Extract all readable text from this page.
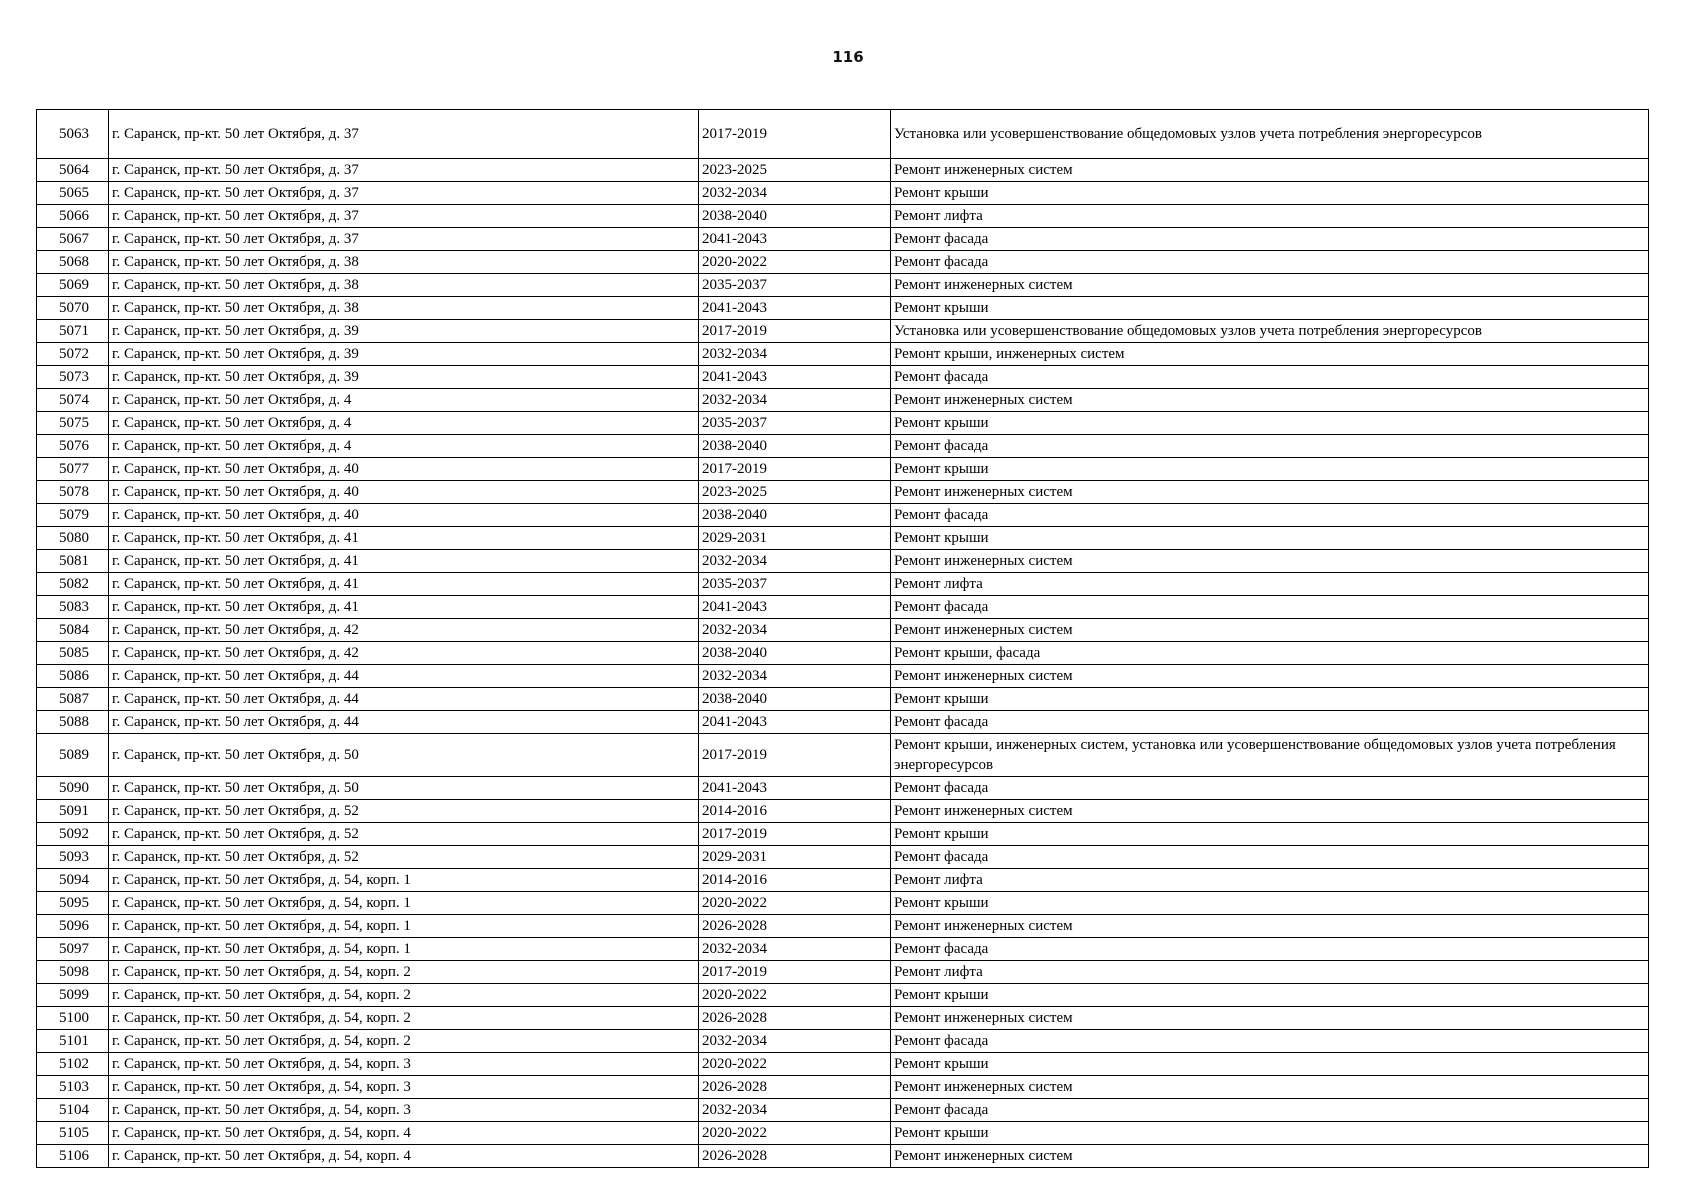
116
5063	г. Саранск, пр-кт. 50 лет Октября, д. 37	2017-2019	Установка или усовершенствование общедомовых узлов учета потребления энергоресурсов
5064	г. Саранск, пр-кт. 50 лет Октября, д. 37	2023-2025	Ремонт инженерных систем
5065	г. Саранск, пр-кт. 50 лет Октября, д. 37	2032-2034	Ремонт крыши
5066	г. Саранск, пр-кт. 50 лет Октября, д. 37	2038-2040	Ремонт лифта
5067	г. Саранск, пр-кт. 50 лет Октября, д. 37	2041-2043	Ремонт фасада
5068	г. Саранск, пр-кт. 50 лет Октября, д. 38	2020-2022	Ремонт фасада
5069	г. Саранск, пр-кт. 50 лет Октября, д. 38	2035-2037	Ремонт инженерных систем
5070	г. Саранск, пр-кт. 50 лет Октября, д. 38	2041-2043	Ремонт крыши
5071	г. Саранск, пр-кт. 50 лет Октября, д. 39	2017-2019	Установка или усовершенствование общедомовых узлов учета потребления энергоресурсов
5072	г. Саранск, пр-кт. 50 лет Октября, д. 39	2032-2034	Ремонт крыши, инженерных систем
5073	г. Саранск, пр-кт. 50 лет Октября, д. 39	2041-2043	Ремонт фасада
5074	г. Саранск, пр-кт. 50 лет Октября, д. 4	2032-2034	Ремонт инженерных систем
5075	г. Саранск, пр-кт. 50 лет Октября, д. 4	2035-2037	Ремонт крыши
5076	г. Саранск, пр-кт. 50 лет Октября, д. 4	2038-2040	Ремонт фасада
5077	г. Саранск, пр-кт. 50 лет Октября, д. 40	2017-2019	Ремонт крыши
5078	г. Саранск, пр-кт. 50 лет Октября, д. 40	2023-2025	Ремонт инженерных систем
5079	г. Саранск, пр-кт. 50 лет Октября, д. 40	2038-2040	Ремонт фасада
5080	г. Саранск, пр-кт. 50 лет Октября, д. 41	2029-2031	Ремонт крыши
5081	г. Саранск, пр-кт. 50 лет Октября, д. 41	2032-2034	Ремонт инженерных систем
5082	г. Саранск, пр-кт. 50 лет Октября, д. 41	2035-2037	Ремонт лифта
5083	г. Саранск, пр-кт. 50 лет Октября, д. 41	2041-2043	Ремонт фасада
5084	г. Саранск, пр-кт. 50 лет Октября, д. 42	2032-2034	Ремонт инженерных систем
5085	г. Саранск, пр-кт. 50 лет Октября, д. 42	2038-2040	Ремонт крыши, фасада
5086	г. Саранск, пр-кт. 50 лет Октября, д. 44	2032-2034	Ремонт инженерных систем
5087	г. Саранск, пр-кт. 50 лет Октября, д. 44	2038-2040	Ремонт крыши
5088	г. Саранск, пр-кт. 50 лет Октября, д. 44	2041-2043	Ремонт фасада
5089	г. Саранск, пр-кт. 50 лет Октября, д. 50	2017-2019	Ремонт крыши, инженерных систем, установка или усовершенствование общедомовых узлов учета потребления энергоресурсов
5090	г. Саранск, пр-кт. 50 лет Октября, д. 50	2041-2043	Ремонт фасада
5091	г. Саранск, пр-кт. 50 лет Октября, д. 52	2014-2016	Ремонт инженерных систем
5092	г. Саранск, пр-кт. 50 лет Октября, д. 52	2017-2019	Ремонт крыши
5093	г. Саранск, пр-кт. 50 лет Октября, д. 52	2029-2031	Ремонт фасада
5094	г. Саранск, пр-кт. 50 лет Октября, д. 54, корп. 1	2014-2016	Ремонт лифта
5095	г. Саранск, пр-кт. 50 лет Октября, д. 54, корп. 1	2020-2022	Ремонт крыши
5096	г. Саранск, пр-кт. 50 лет Октября, д. 54, корп. 1	2026-2028	Ремонт инженерных систем
5097	г. Саранск, пр-кт. 50 лет Октября, д. 54, корп. 1	2032-2034	Ремонт фасада
5098	г. Саранск, пр-кт. 50 лет Октября, д. 54, корп. 2	2017-2019	Ремонт лифта
5099	г. Саранск, пр-кт. 50 лет Октября, д. 54, корп. 2	2020-2022	Ремонт крыши
5100	г. Саранск, пр-кт. 50 лет Октября, д. 54, корп. 2	2026-2028	Ремонт инженерных систем
5101	г. Саранск, пр-кт. 50 лет Октября, д. 54, корп. 2	2032-2034	Ремонт фасада
5102	г. Саранск, пр-кт. 50 лет Октября, д. 54, корп. 3	2020-2022	Ремонт крыши
5103	г. Саранск, пр-кт. 50 лет Октября, д. 54, корп. 3	2026-2028	Ремонт инженерных систем
5104	г. Саранск, пр-кт. 50 лет Октября, д. 54, корп. 3	2032-2034	Ремонт фасада
5105	г. Саранск, пр-кт. 50 лет Октября, д. 54, корп. 4	2020-2022	Ремонт крыши
5106	г. Саранск, пр-кт. 50 лет Октября, д. 54, корп. 4	2026-2028	Ремонт инженерных систем
